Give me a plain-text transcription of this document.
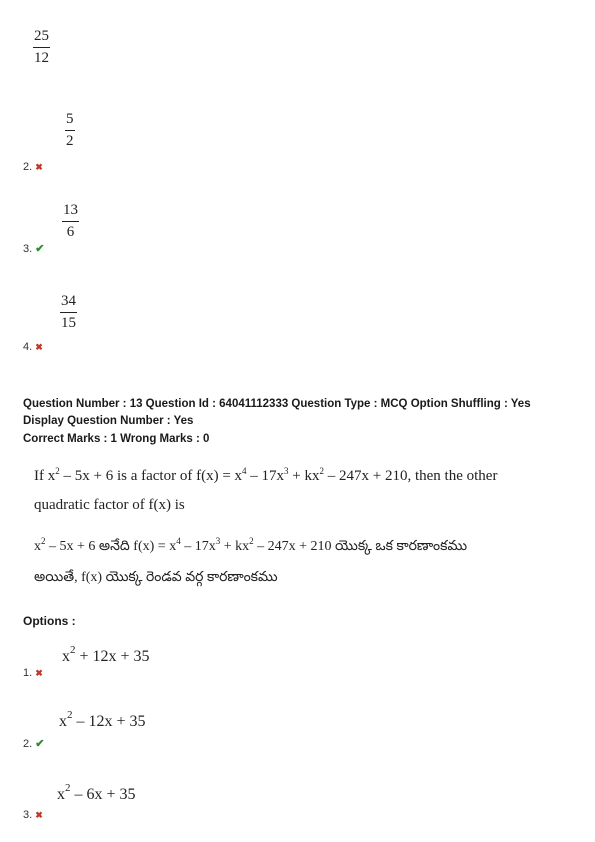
25
12
5
2
2. ✖
13
6
3. ✔
34
15
4. ✖
Question Number : 13 Question Id : 64041112333 Question Type : MCQ Option Shuffling : Yes
Display Question Number : Yes
Correct Marks : 1 Wrong Marks : 0
If $x^2 - 5x + 6$ is a factor of $f(x) = x^4 - 17x^3 + kx^2 - 247x + 210$, then the other
quadratic factor of f(x) is
$x^2 - 5x + 6$ అనేది $f(x) = x^4 - 17x^3 + kx^2 - 247x + 210$ యొక్క ఒక కారణాంకము
అయితే, f(x) యొక్క రెండవ వర్గ కారణాంకము
Options :
$x^2 + 12x + 35$
1. ✖
$x^2 - 12x + 35$
2. ✔
$x^2 - 6x + 35$
3. ✖
